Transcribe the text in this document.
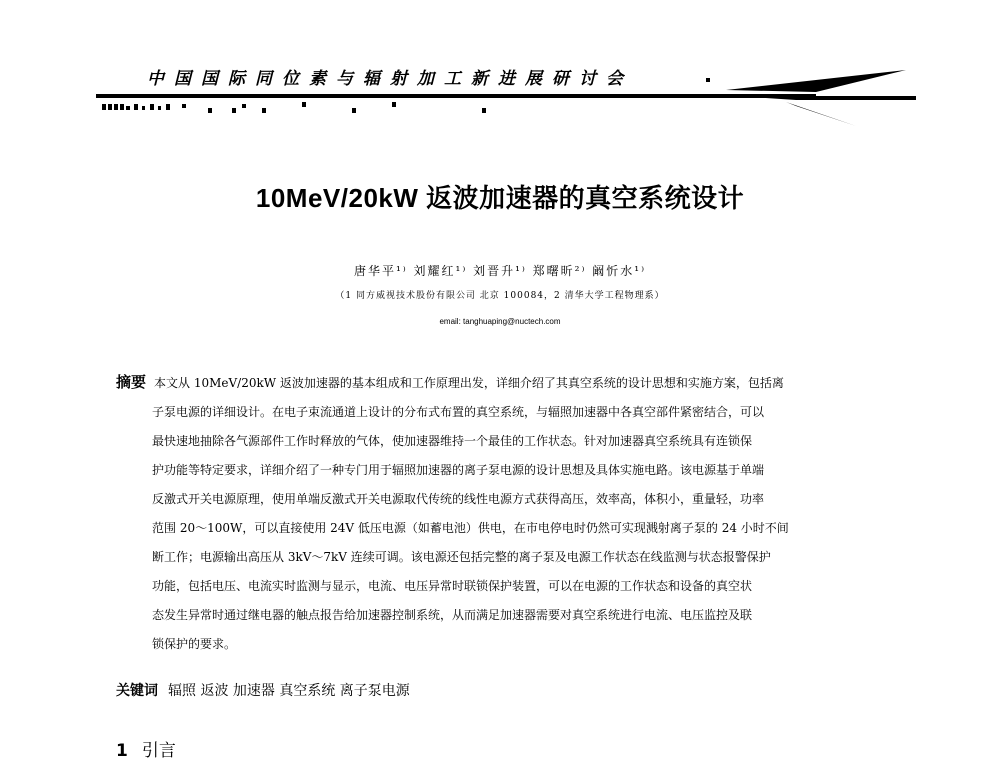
中国国际同位素与辐射加工新进展研讨会
10MeV/20kW 返波加速器的真空系统设计
唐华平¹⁾ 刘耀红¹⁾ 刘晋升¹⁾ 郑曙昕²⁾ 阚忻水¹⁾
（1 同方威视技术股份有限公司 北京 100084，2 清华大学工程物理系）
email: tanghuaping@nuctech.com
摘要 本文从 10MeV/20kW 返波加速器的基本组成和工作原理出发，详细介绍了其真空系统的设计思想和实施方案，包括离
子泵电源的详细设计。在电子束流通道上设计的分布式布置的真空系统，与辐照加速器中各真空部件紧密结合，可以
最快速地抽除各气源部件工作时释放的气体，使加速器维持一个最佳的工作状态。针对加速器真空系统具有连锁保
护功能等特定要求，详细介绍了一种专门用于辐照加速器的离子泵电源的设计思想及具体实施电路。该电源基于单端
反激式开关电源原理，使用单端反激式开关电源取代传统的线性电源方式获得高压，效率高，体积小，重量轻，功率
范围 20～100W，可以直接使用 24V 低压电源（如蓄电池）供电，在市电停电时仍然可实现溅射离子泵的 24 小时不间
断工作；电源输出高压从 3kV～7kV 连续可调。该电源还包括完整的离子泵及电源工作状态在线监测与状态报警保护
功能，包括电压、电流实时监测与显示，电流、电压异常时联锁保护装置，可以在电源的工作状态和设备的真空状
态发生异常时通过继电器的触点报告给加速器控制系统，从而满足加速器需要对真空系统进行电流、电压监控及联
锁保护的要求。
关键词 辐照 返波 加速器 真空系统 离子泵电源
1 引言
